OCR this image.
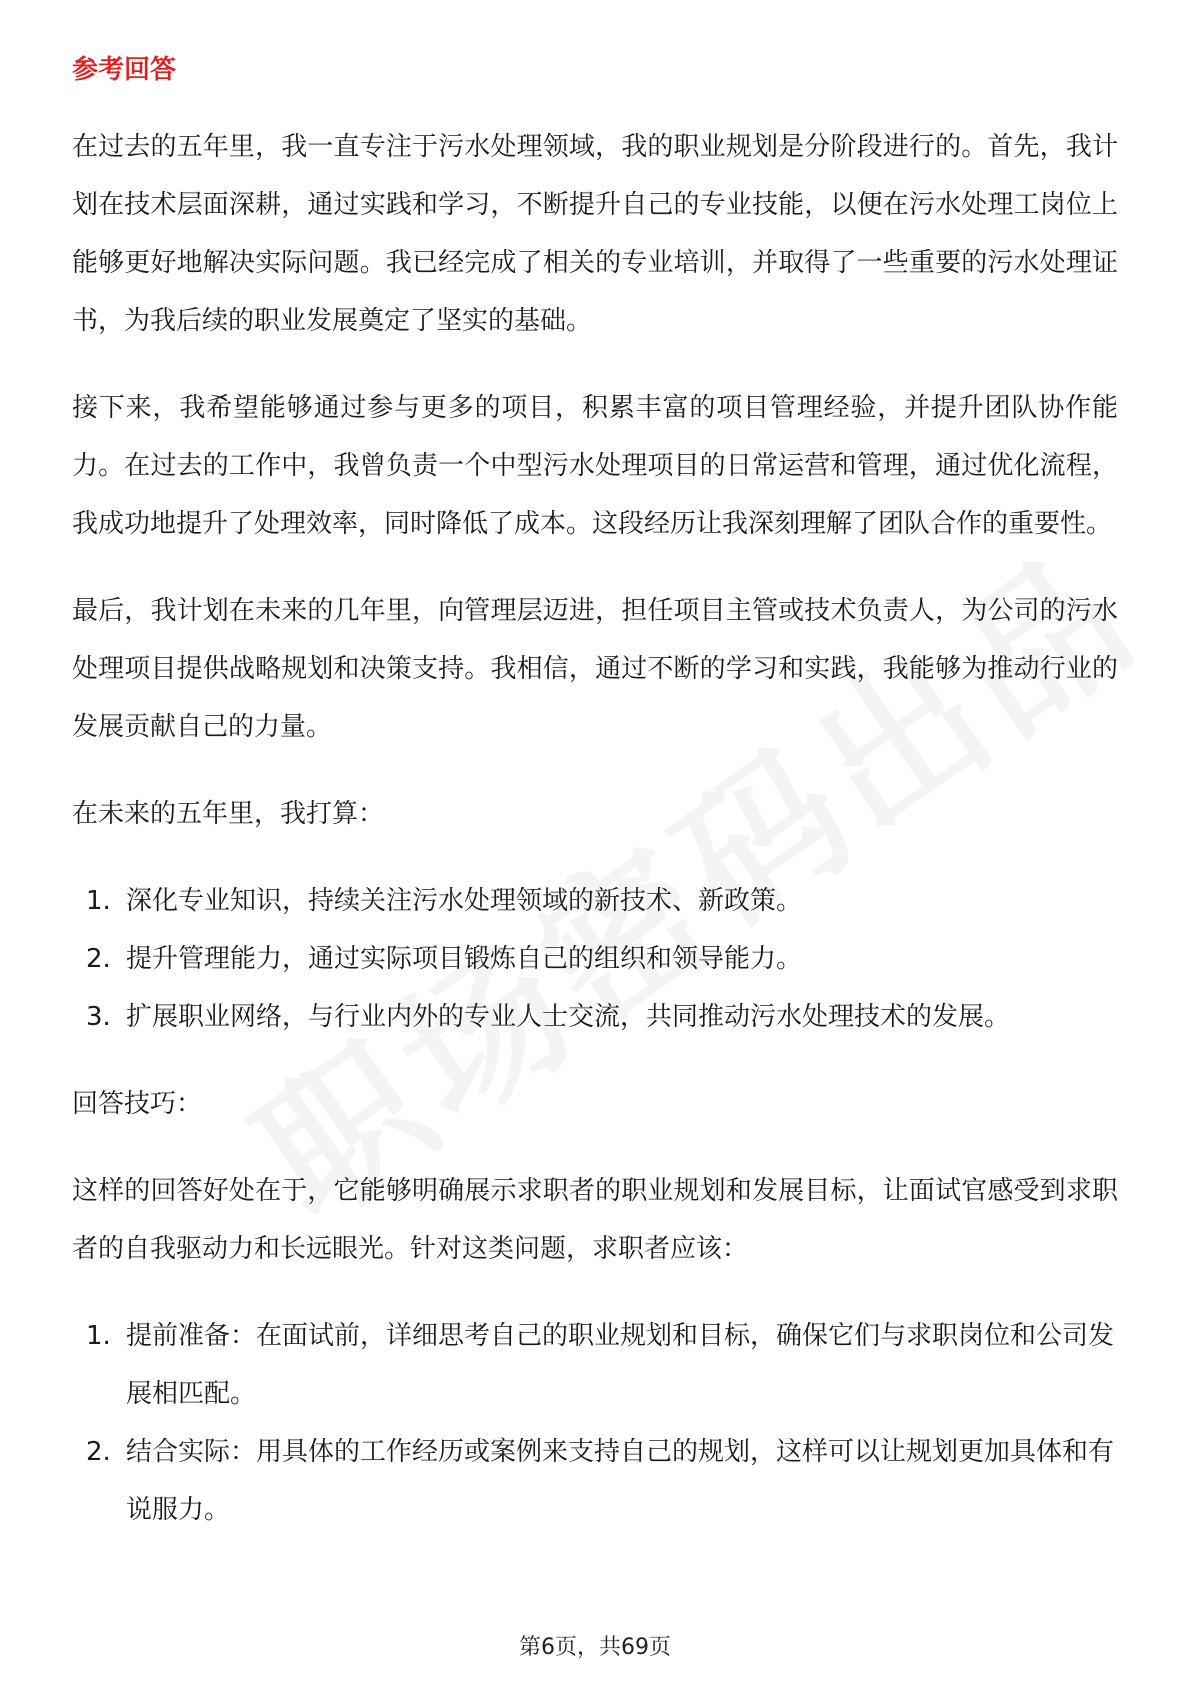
参考回答

在过去的五年里，我一直专注于污水处理领域，我的职业规划是分阶段进行的。首先，我计划在技术层面深耕，通过实践和学习，不断提升自己的专业技能，以便在污水处理工岗位上能够更好地解决实际问题。我已经完成了相关的专业培训，并取得了一些重要的污水处理证书，为我后续的职业发展奠定了坚实的基础。

接下来，我希望能够通过参与更多的项目，积累丰富的项目管理经验，并提升团队协作能力。在过去的工作中，我曾负责一个中型污水处理项目的日常运营和管理，通过优化流程，我成功地提升了处理效率，同时降低了成本。这段经历让我深刻理解了团队合作的重要性。

最后，我计划在未来的几年里，向管理层迈进，担任项目主管或技术负责人，为公司的污水处理项目提供战略规划和决策支持。我相信，通过不断的学习和实践，我能够为推动行业的发展贡献自己的力量。

在未来的五年里，我打算：

1. 深化专业知识，持续关注污水处理领域的新技术、新政策。
2. 提升管理能力，通过实际项目锻炼自己的组织和领导能力。
3. 扩展职业网络，与行业内外的专业人士交流，共同推动污水处理技术的发展。

回答技巧：

这样的回答好处在于，它能够明确展示求职者的职业规划和发展目标，让面试官感受到求职者的自我驱动力和长远眼光。针对这类问题，求职者应该：

1. 提前准备：在面试前，详细思考自己的职业规划和目标，确保它们与求职岗位和公司发展相匹配。
2. 结合实际：用具体的工作经历或案例来支持自己的规划，这样可以让规划更加具体和有说服力。
第6页，共69页
